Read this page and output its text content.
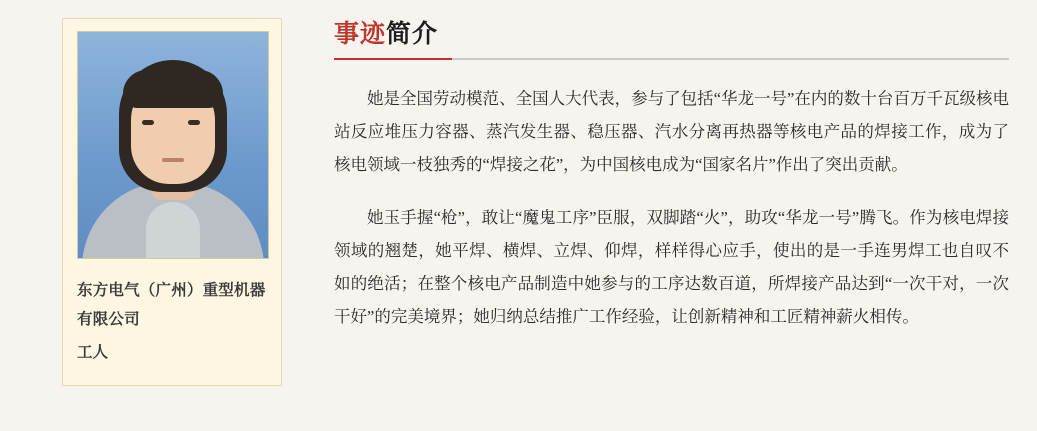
东方电气（广州）重型机器有限公司
工人
事迹简介

她是全国劳动模范、全国人大代表，参与了包括“华龙一号”在内的数十台百万千瓦级核电站反应堆压力容器、蒸汽发生器、稳压器、汽水分离再热器等核电产品的焊接工作，成为了核电领域一枝独秀的“焊接之花”，为中国核电成为“国家名片”作出了突出贡献。

她玉手握“枪”，敢让“魔鬼工序”臣服，双脚踏“火”，助攻“华龙一号”腾飞。作为核电焊接领域的翘楚，她平焊、横焊、立焊、仰焊，样样得心应手，使出的是一手连男焊工也自叹不如的绝活；在整个核电产品制造中她参与的工序达数百道，所焊接产品达到“一次干对，一次干好”的完美境界；她归纳总结推广工作经验，让创新精神和工匠精神薪火相传。
